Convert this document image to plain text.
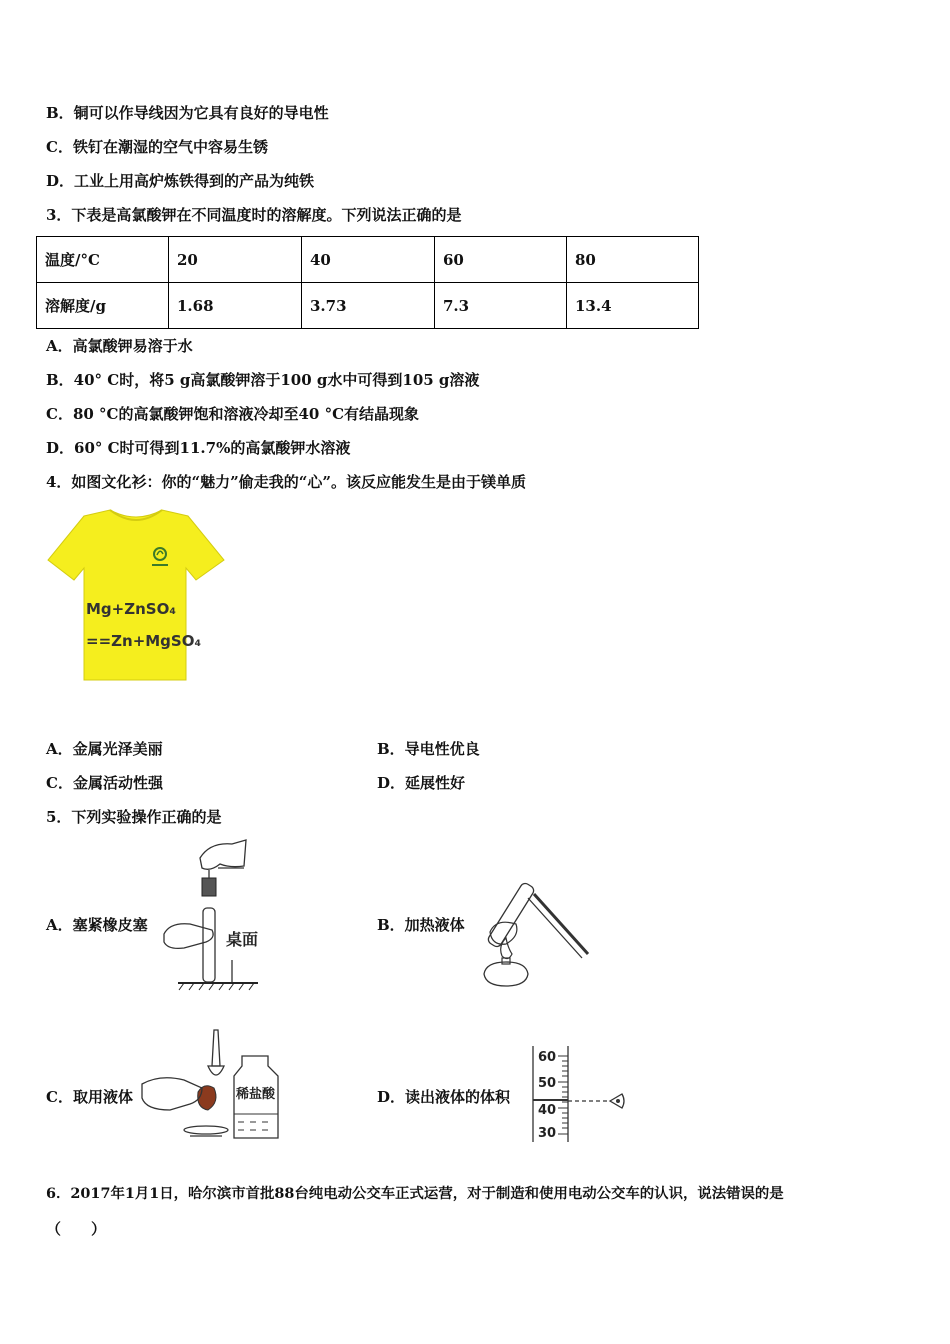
B．铜可以作导线因为它具有良好的导电性
C．铁钉在潮湿的空气中容易生锈
D．工业上用高炉炼铁得到的产品为纯铁
3．下表是高氯酸钾在不同温度时的溶解度。下列说法正确的是
温度/°C	20	40	60	80
溶解度/g	1.68	3.73	7.3	13.4
A．高氯酸钾易溶于水
B．40° C时，将5 g高氯酸钾溶于100 g水中可得到105 g溶液
C．80 °C的高氯酸钾饱和溶液冷却至40 °C有结晶现象
D．60° C时可得到11.7%的高氯酸钾水溶液
4．如图文化衫：你的“魅力”偷走我的“心”。该反应能发生是由于镁单质
Mg+ZnSO₄
==Zn+MgSO₄
A．金属光泽美丽	B．导电性优良
C．金属活动性强	D．延展性好
5．下列实验操作正确的是
A．塞紧橡皮塞
桌面
B．加热液体
C．取用液体	稀盐酸	D．读出液体的体积
60
50
40
30
6．2017年1月1日，哈尔滨市首批88台纯电动公交车正式运营，对于制造和使用电动公交车的认识，说法错误的是
（　　）
